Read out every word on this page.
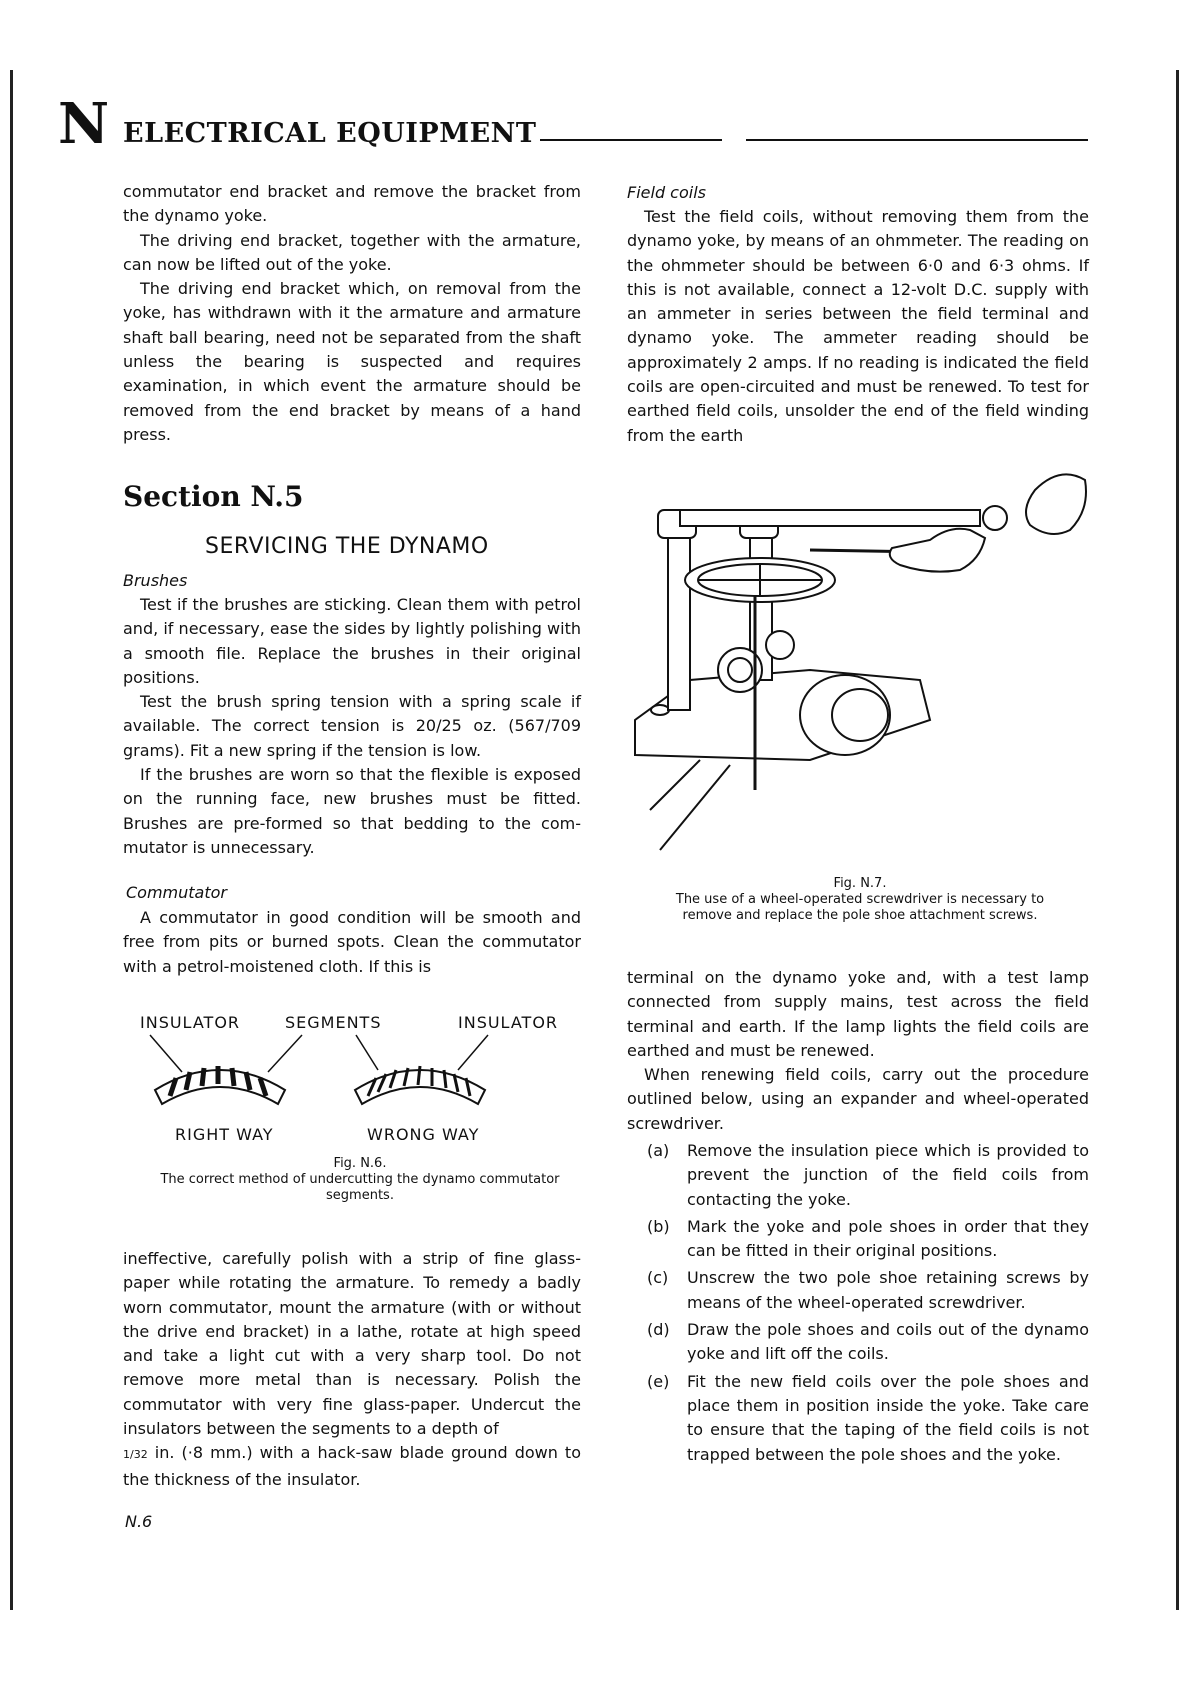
N ELECTRICAL EQUIPMENT

commutator end bracket and remove the bracket from the dynamo yoke.

The driving end bracket, together with the armature, can now be lifted out of the yoke.

The driving end bracket which, on removal from the yoke, has withdrawn with it the armature and armature shaft ball bearing, need not be separated from the shaft unless the bearing is suspected and requires examination, in which event the armature should be removed from the end bracket by means of a hand press.

Section N.5
SERVICING THE DYNAMO
Brushes

Test if the brushes are sticking. Clean them with petrol and, if necessary, ease the sides by lightly polishing with a smooth file. Replace the brushes in their original positions.

Test the brush spring tension with a spring scale if available. The correct tension is 20/25 oz. (567/709 grams). Fit a new spring if the tension is low.

If the brushes are worn so that the flexible is exposed on the running face, new brushes must be fitted. Brushes are pre-formed so that bedding to the commutator is unnecessary.

Commutator

A commutator in good condition will be smooth and free from pits or burned spots. Clean the commutator with a petrol-moistened cloth. If this is

INSULATOR	SEGMENTS	INSULATOR
RIGHT WAY	WRONG WAY
Fig. N.6.
The correct method of undercutting the dynamo commutator segments.

ineffective, carefully polish with a strip of fine glasspaper while rotating the armature. To remedy a badly worn commutator, mount the armature (with or without the drive end bracket) in a lathe, rotate at high speed and take a light cut with a very sharp tool. Do not remove more metal than is necessary. Polish the commutator with very fine glass-paper. Undercut the insulators between the segments to a depth of

1/32 in. (·8 mm.) with a hack-saw blade ground down to the thickness of the insulator.

N.6
Field coils

Test the field coils, without removing them from the dynamo yoke, by means of an ohmmeter. The reading on the ohmmeter should be between 6·0 and 6·3 ohms. If this is not available, connect a 12-volt D.C. supply with an ammeter in series between the field terminal and dynamo yoke. The ammeter reading should be approximately 2 amps. If no reading is indicated the field coils are open-circuited and must be renewed. To test for earthed field coils, unsolder the end of the field winding from the earth

Fig. N.7.
The use of a wheel-operated screwdriver is necessary to remove and replace the pole shoe attachment screws.

terminal on the dynamo yoke and, with a test lamp connected from supply mains, test across the field terminal and earth. If the lamp lights the field coils are earthed and must be renewed.

When renewing field coils, carry out the procedure outlined below, using an expander and wheel-operated screwdriver.

(a) Remove the insulation piece which is provided to prevent the junction of the field coils from contacting the yoke.
(b) Mark the yoke and pole shoes in order that they can be fitted in their original positions.
(c) Unscrew the two pole shoe retaining screws by means of the wheel-operated screwdriver.
(d) Draw the pole shoes and coils out of the dynamo yoke and lift off the coils.
(e) Fit the new field coils over the pole shoes and place them in position inside the yoke. Take care to ensure that the taping of the field coils is not trapped between the pole shoes and the yoke.
